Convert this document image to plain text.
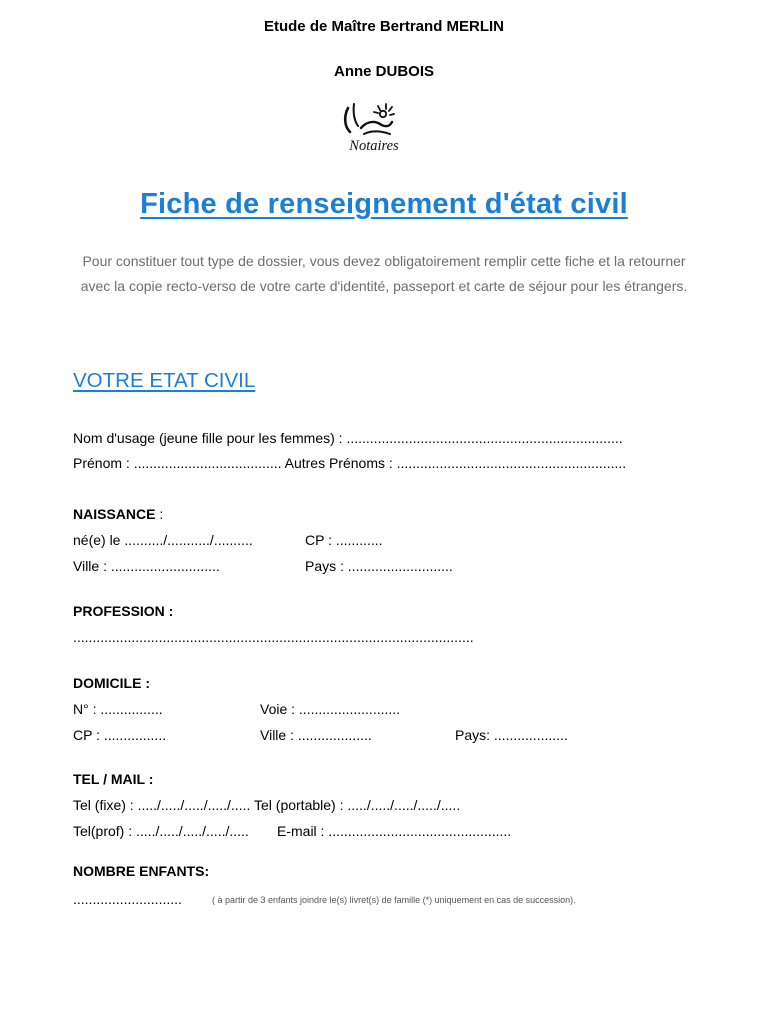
Etude de Maître Bertrand MERLIN
Anne DUBOIS
Notaires
Fiche de renseignement d'état civil
Pour constituer tout type de dossier, vous devez obligatoirement remplir cette fiche et la retourner avec la copie recto-verso de votre carte d'identité, passeport et carte de séjour pour les étrangers.
VOTRE ETAT CIVIL
Nom d'usage (jeune fille pour les femmes) : .......................................................................
Prénom : ...................................... Autres Prénoms : ...........................................................
NAISSANCE :
né(e) le ........../.........../..........	CP : ............
Ville : ............................	Pays : ...........................
PROFESSION :
.......................................................................................................
DOMICILE :
N° : ................	Voie : ..........................
CP : ................	Ville : ...................	Pays: ...................
TEL / MAIL :
Tel (fixe) : ...../...../...../...../..... Tel (portable) : ...../...../...../...../.....
Tel(prof) : ...../...../...../...../..... E-mail : ...............................................
NOMBRE ENFANTS:
............................	( à partir de 3 enfants joindre le(s) livret(s) de famille (*) uniquement en cas de succession).
